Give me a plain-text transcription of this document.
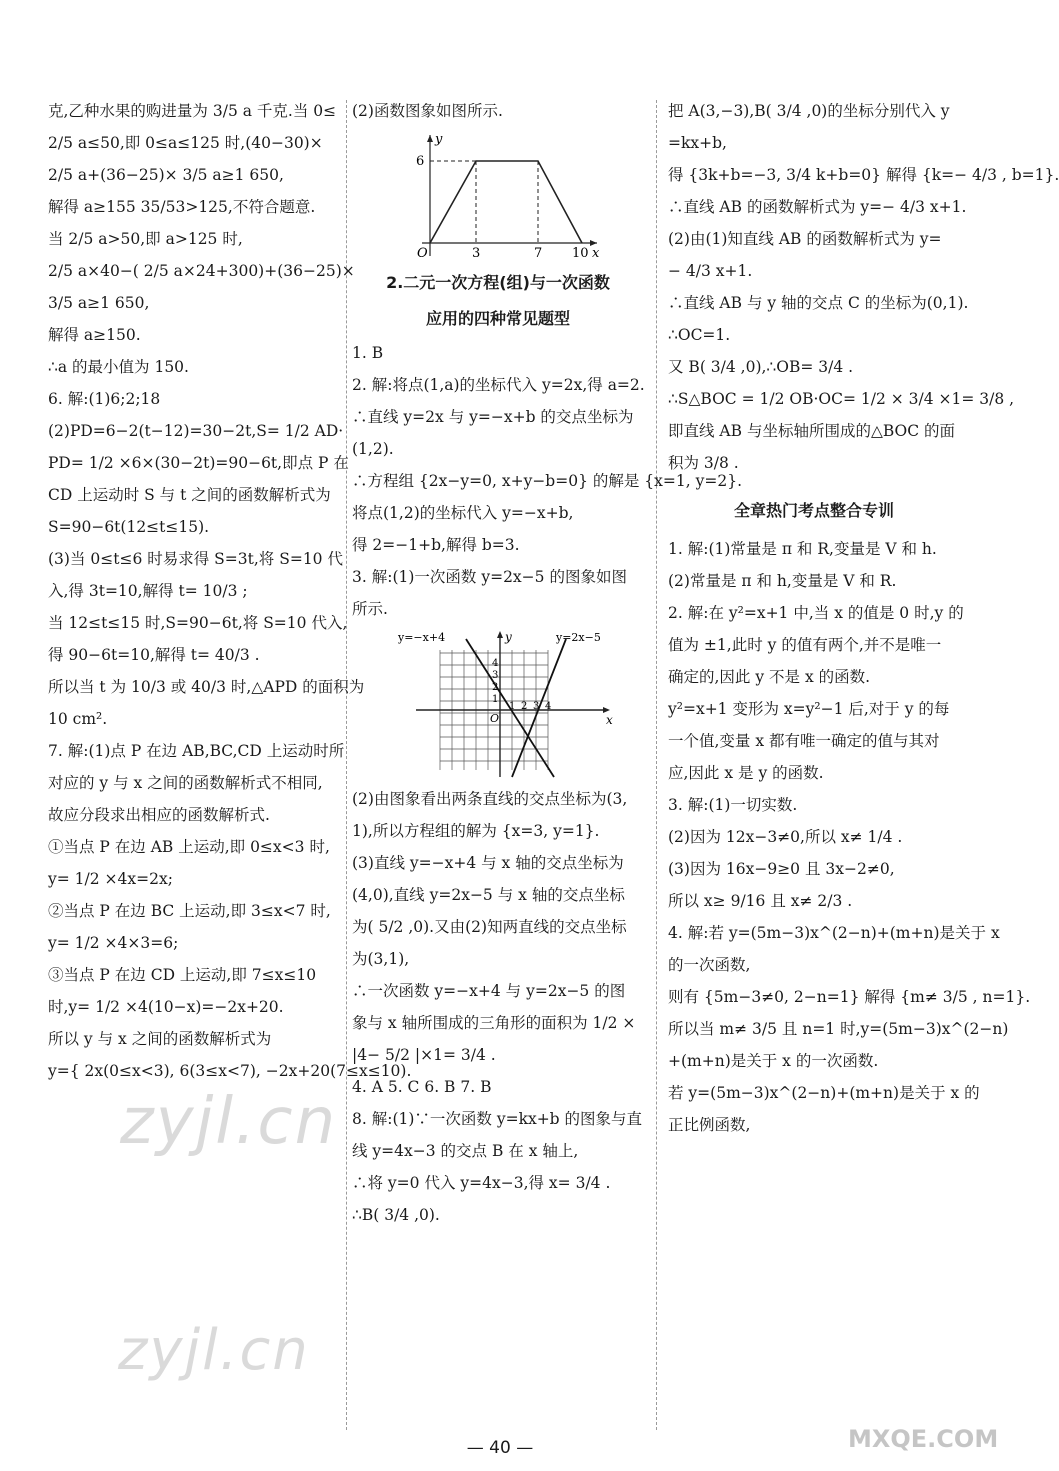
克,乙种水果的购进量为 3/5 a 千克.当 0≤
2/5 a≤50,即 0≤a≤125 时,(40−30)×
2/5 a+(36−25)× 3/5 a≥1 650,
解得 a≥155 35/53>125,不符合题意.
当 2/5 a>50,即 a>125 时,
2/5 a×40−( 2/5 a×24+300)+(36−25)×
3/5 a≥1 650,
解得 a≥150.
∴a 的最小值为 150.
6. 解:(1)6;2;18
(2)PD=6−2(t−12)=30−2t,S= 1/2 AD·
PD= 1/2 ×6×(30−2t)=90−6t,即点 P 在
CD 上运动时 S 与 t 之间的函数解析式为
S=90−6t(12≤t≤15).
(3)当 0≤t≤6 时易求得 S=3t,将 S=10 代
入,得 3t=10,解得 t= 10/3 ;
当 12≤t≤15 时,S=90−6t,将 S=10 代入,
得 90−6t=10,解得 t= 40/3 .
所以当 t 为 10/3 或 40/3 时,△APD 的面积为
10 cm².
7. 解:(1)点 P 在边 AB,BC,CD 上运动时所
对应的 y 与 x 之间的函数解析式不相同,
故应分段求出相应的函数解析式.
①当点 P 在边 AB 上运动,即 0≤x<3 时,
y= 1/2 ×4x=2x;
②当点 P 在边 BC 上运动,即 3≤x<7 时,
y= 1/2 ×4×3=6;
③当点 P 在边 CD 上运动,即 7≤x≤10
时,y= 1/2 ×4(10−x)=−2x+20.
所以 y 与 x 之间的函数解析式为
y={ 2x(0≤x<3), 6(3≤x<7), −2x+20(7≤x≤10).
(2)函数图象如图所示.
y
x
O
6
3	7 10
2.二元一次方程(组)与一次函数
应用的四种常见题型
1. B
2. 解:将点(1,a)的坐标代入 y=2x,得 a=2.
∴直线 y=2x 与 y=−x+b 的交点坐标为
(1,2).
∴方程组 {2x−y=0, x+y−b=0} 的解是 {x=1, y=2}.
将点(1,2)的坐标代入 y=−x+b,
得 2=−1+b,解得 b=3.
3. 解:(1)一次函数 y=2x−5 的图象如图
所示.
y=−x+4	y=2x−5
y
x
O
1 2 3 4
1
2
3
4
(2)由图象看出两条直线的交点坐标为(3,
1),所以方程组的解为 {x=3, y=1}.
(3)直线 y=−x+4 与 x 轴的交点坐标为
(4,0),直线 y=2x−5 与 x 轴的交点坐标
为( 5/2 ,0).又由(2)知两直线的交点坐标
为(3,1),
∴一次函数 y=−x+4 与 y=2x−5 的图
象与 x 轴所围成的三角形的面积为 1/2 ×
|4− 5/2 |×1= 3/4 .
4. A 5. C 6. B 7. B
8. 解:(1)∵一次函数 y=kx+b 的图象与直
线 y=4x−3 的交点 B 在 x 轴上,
∴将 y=0 代入 y=4x−3,得 x= 3/4 .
∴B( 3/4 ,0).
把 A(3,−3),B( 3/4 ,0)的坐标分别代入 y
=kx+b,
得 {3k+b=−3, 3/4 k+b=0} 解得 {k=− 4/3 , b=1}.
∴直线 AB 的函数解析式为 y=− 4/3 x+1.
(2)由(1)知直线 AB 的函数解析式为 y=
− 4/3 x+1.
∴直线 AB 与 y 轴的交点 C 的坐标为(0,1).
∴OC=1.
又 B( 3/4 ,0),∴OB= 3/4 .
∴S△BOC = 1/2 OB·OC= 1/2 × 3/4 ×1= 3/8 ,
即直线 AB 与坐标轴所围成的△BOC 的面
积为 3/8 .
全章热门考点整合专训
1. 解:(1)常量是 π 和 R,变量是 V 和 h.
(2)常量是 π 和 h,变量是 V 和 R.
2. 解:在 y²=x+1 中,当 x 的值是 0 时,y 的
值为 ±1,此时 y 的值有两个,并不是唯一
确定的,因此 y 不是 x 的函数.
y²=x+1 变形为 x=y²−1 后,对于 y 的每
一个值,变量 x 都有唯一确定的值与其对
应,因此 x 是 y 的函数.
3. 解:(1)一切实数.
(2)因为 12x−3≠0,所以 x≠ 1/4 .
(3)因为 16x−9≥0 且 3x−2≠0,
所以 x≥ 9/16 且 x≠ 2/3 .
4. 解:若 y=(5m−3)x^(2−n)+(m+n)是关于 x
的一次函数,
则有 {5m−3≠0, 2−n=1} 解得 {m≠ 3/5 , n=1}.
所以当 m≠ 3/5 且 n=1 时,y=(5m−3)x^(2−n)
+(m+n)是关于 x 的一次函数.
若 y=(5m−3)x^(2−n)+(m+n)是关于 x 的
正比例函数,
— 40 —
zyjl.cn
zyjl.cn
MXQE.COM
